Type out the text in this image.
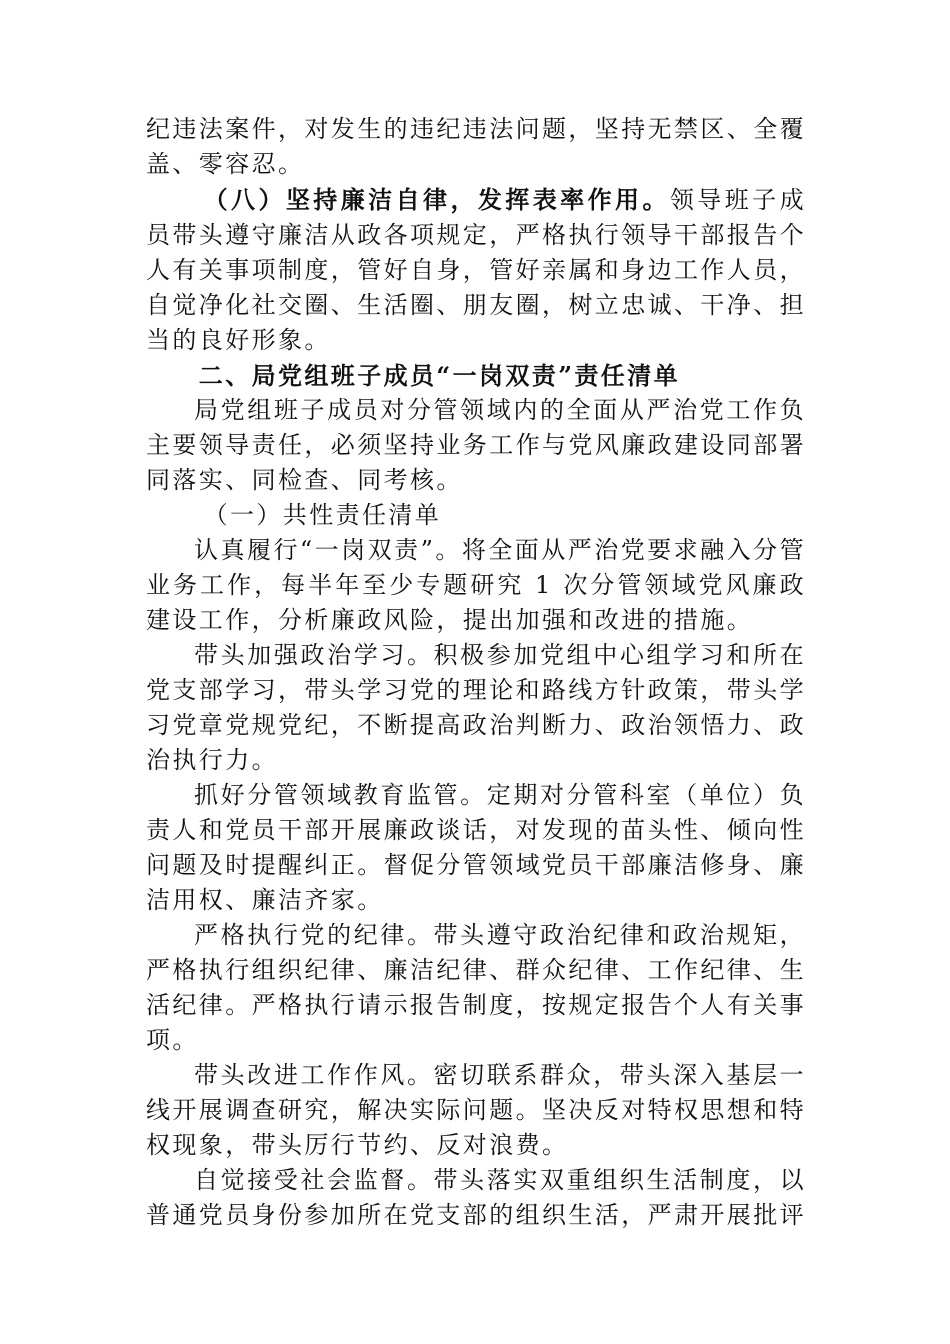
纪违法案件，对发生的违纪违法问题，坚持无禁区、全覆盖、零容忍。

（八）坚持廉洁自律，发挥表率作用。领导班子成员带头遵守廉洁从政各项规定，严格执行领导干部报告个人有关事项制度，管好自身，管好亲属和身边工作人员，自觉净化社交圈、生活圈、朋友圈，树立忠诚、干净、担当的良好形象。

二、局党组班子成员“一岗双责”责任清单

局党组班子成员对分管领域内的全面从严治党工作负主要领导责任，必须坚持业务工作与党风廉政建设同部署同落实、同检查、同考核。

（一）共性责任清单

认真履行“一岗双责”。将全面从严治党要求融入分管业务工作，每半年至少专题研究 1 次分管领域党风廉政建设工作，分析廉政风险，提出加强和改进的措施。

带头加强政治学习。积极参加党组中心组学习和所在党支部学习，带头学习党的理论和路线方针政策，带头学习党章党规党纪，不断提高政治判断力、政治领悟力、政治执行力。

抓好分管领域教育监管。定期对分管科室（单位）负责人和党员干部开展廉政谈话，对发现的苗头性、倾向性问题及时提醒纠正。督促分管领域党员干部廉洁修身、廉洁用权、廉洁齐家。

严格执行党的纪律。带头遵守政治纪律和政治规矩，严格执行组织纪律、廉洁纪律、群众纪律、工作纪律、生活纪律。严格执行请示报告制度，按规定报告个人有关事项。

带头改进工作作风。密切联系群众，带头深入基层一线开展调查研究，解决实际问题。坚决反对特权思想和特权现象，带头厉行节约、反对浪费。

自觉接受社会监督。带头落实双重组织生活制度，以普通党员身份参加所在党支部的组织生活，严肃开展批评
